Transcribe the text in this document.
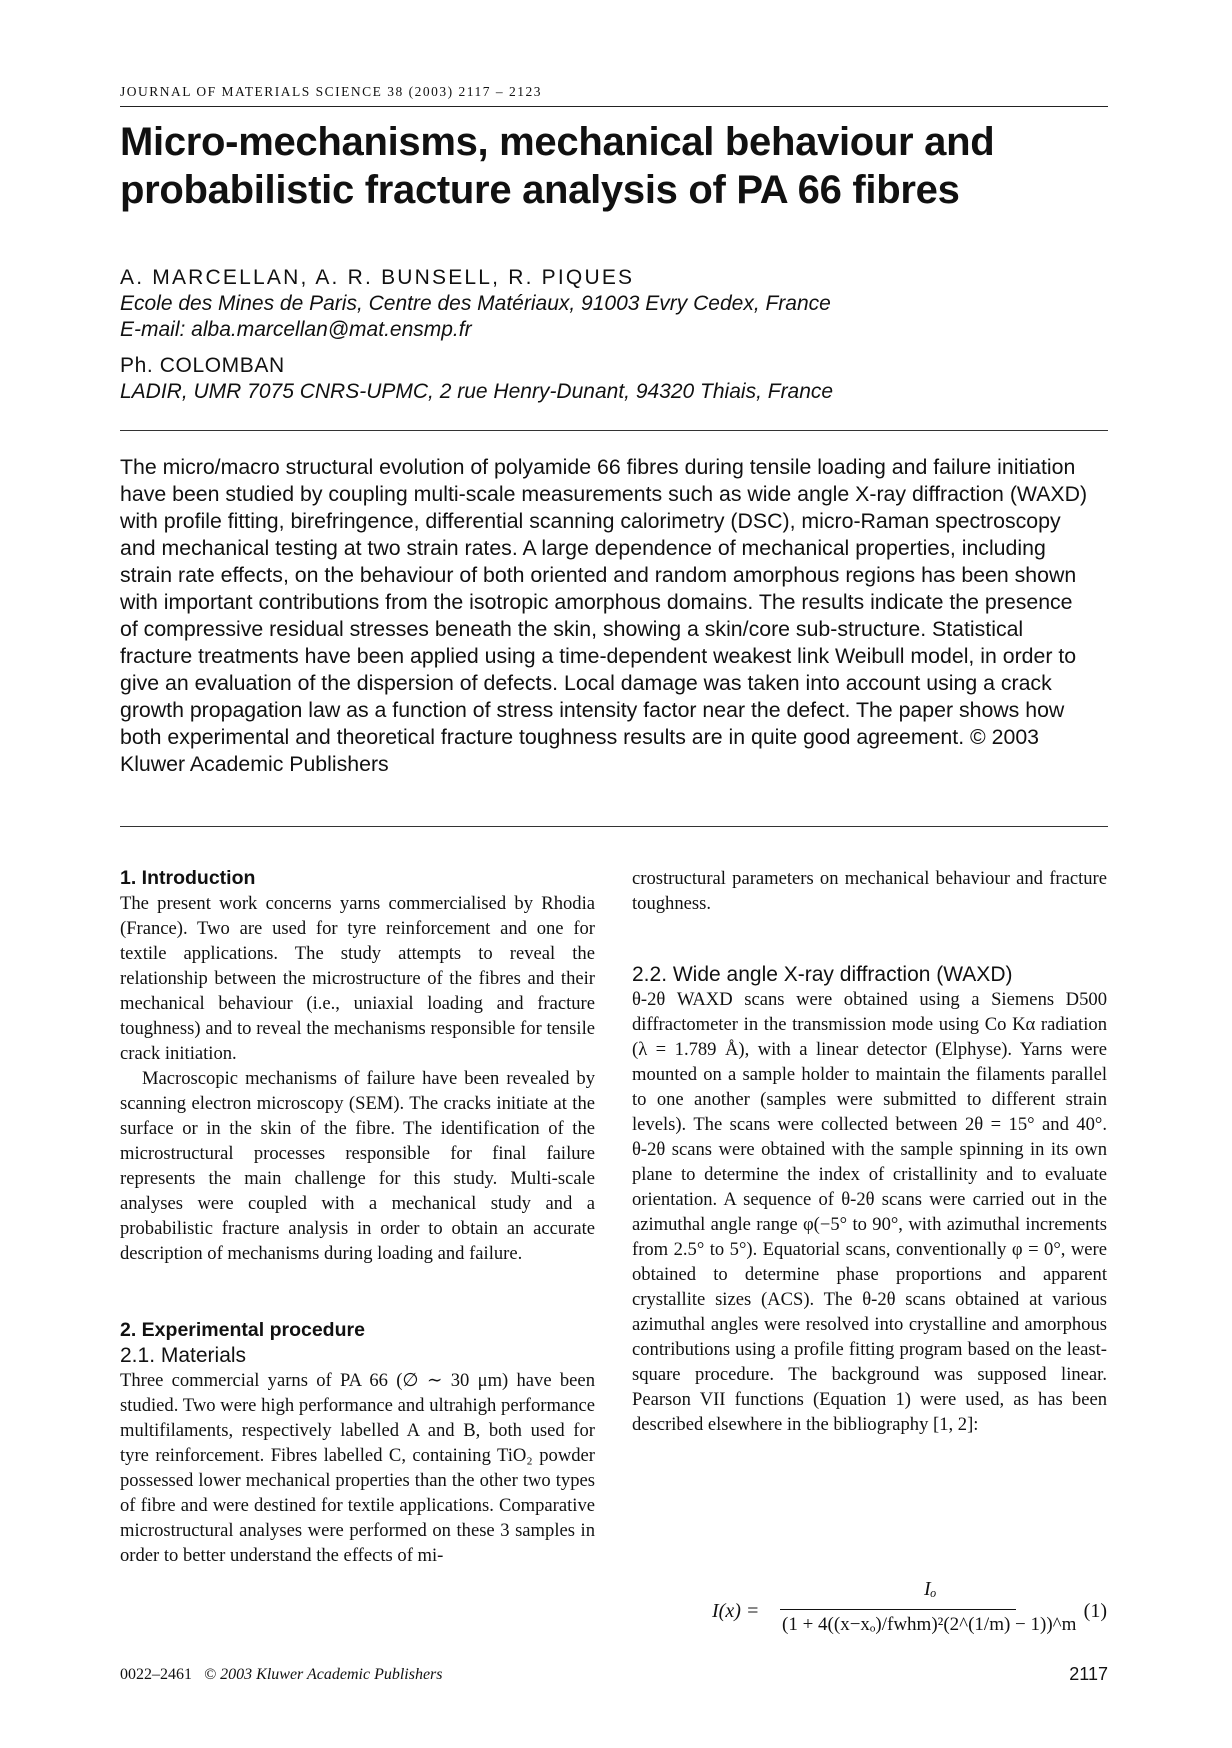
JOURNAL OF MATERIALS SCIENCE 38 (2003) 2117 – 2123
Micro-mechanisms, mechanical behaviour and probabilistic fracture analysis of PA 66 fibres
A. MARCELLAN, A. R. BUNSELL, R. PIQUES
Ecole des Mines de Paris, Centre des Matériaux, 91003 Evry Cedex, France
E-mail: alba.marcellan@mat.ensmp.fr
Ph. COLOMBAN
LADIR, UMR 7075 CNRS-UPMC, 2 rue Henry-Dunant, 94320 Thiais, France

The micro/macro structural evolution of polyamide 66 fibres during tensile loading and failure initiation have been studied by coupling multi-scale measurements such as wide angle X-ray diffraction (WAXD) with profile fitting, birefringence, differential scanning calorimetry (DSC), micro-Raman spectroscopy and mechanical testing at two strain rates. A large dependence of mechanical properties, including strain rate effects, on the behaviour of both oriented and random amorphous regions has been shown with important contributions from the isotropic amorphous domains. The results indicate the presence of compressive residual stresses beneath the skin, showing a skin/core sub-structure. Statistical fracture treatments have been applied using a time-dependent weakest link Weibull model, in order to give an evaluation of the dispersion of defects. Local damage was taken into account using a crack growth propagation law as a function of stress intensity factor near the defect. The paper shows how both experimental and theoretical fracture toughness results are in quite good agreement. © 2003 Kluwer Academic Publishers

1. Introduction

The present work concerns yarns commercialised by Rhodia (France). Two are used for tyre reinforcement and one for textile applications. The study attempts to reveal the relationship between the microstructure of the fibres and their mechanical behaviour (i.e., uniaxial loading and fracture toughness) and to reveal the mechanisms responsible for tensile crack initiation.

Macroscopic mechanisms of failure have been revealed by scanning electron microscopy (SEM). The cracks initiate at the surface or in the skin of the fibre. The identification of the microstructural processes responsible for final failure represents the main challenge for this study. Multi-scale analyses were coupled with a mechanical study and a probabilistic fracture analysis in order to obtain an accurate description of mechanisms during loading and failure.

2. Experimental procedure
2.1. Materials

Three commercial yarns of PA 66 (∅ ∼ 30 μm) have been studied. Two were high performance and ultrahigh performance multifilaments, respectively labelled A and B, both used for tyre reinforcement. Fibres labelled C, containing TiO₂ powder possessed lower mechanical properties than the other two types of fibre and were destined for textile applications. Comparative microstructural analyses were performed on these 3 samples in order to better understand the effects of mi-

crostructural parameters on mechanical behaviour and fracture toughness.

2.2. Wide angle X-ray diffraction (WAXD)

θ-2θ WAXD scans were obtained using a Siemens D500 diffractometer in the transmission mode using Co Kα radiation (λ = 1.789 Å), with a linear detector (Elphyse). Yarns were mounted on a sample holder to maintain the filaments parallel to one another (samples were submitted to different strain levels). The scans were collected between 2θ = 15° and 40°. θ-2θ scans were obtained with the sample spinning in its own plane to determine the index of cristallinity and to evaluate orientation. A sequence of θ-2θ scans were carried out in the azimuthal angle range φ(−5° to 90°, with azimuthal increments from 2.5° to 5°). Equatorial scans, conventionally φ = 0°, were obtained to determine phase proportions and apparent crystallite sizes (ACS). The θ-2θ scans obtained at various azimuthal angles were resolved into crystalline and amorphous contributions using a profile fitting program based on the least-square procedure. The background was supposed linear. Pearson VII functions (Equation 1) were used, as has been described elsewhere in the bibliography [1, 2]:

I(x) =
Iₒ
(1 + 4((x−xₒ)/fwhm)²(2^(1/m) − 1))^m
(1)
0022–2461 © 2003 Kluwer Academic Publishers	2117
